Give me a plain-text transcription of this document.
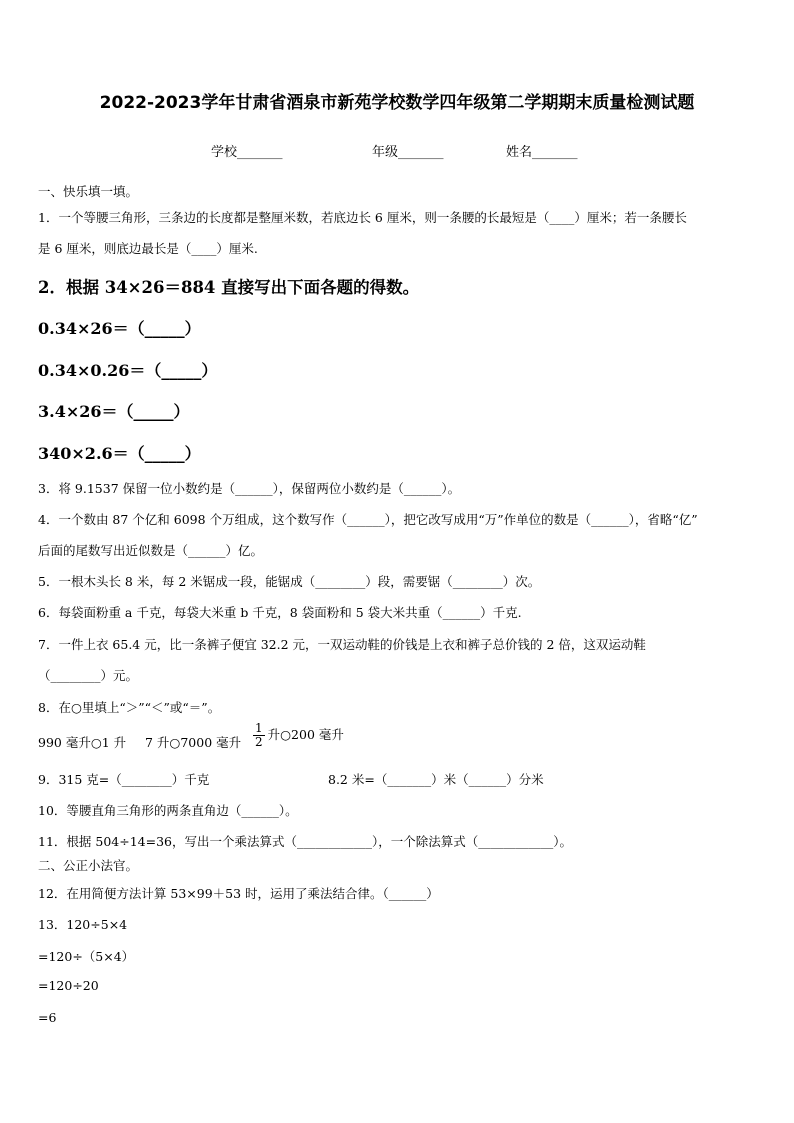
2022-2023学年甘肃省酒泉市新苑学校数学四年级第二学期期末质量检测试题
学校_______	年级_______	姓名_______
一、快乐填一填。
1．一个等腰三角形，三条边的长度都是整厘米数，若底边长 6 厘米，则一条腰的长最短是（____）厘米；若一条腰长
是 6 厘米，则底边最长是（____）厘米.
2．根据 34×26＝884 直接写出下面各题的得数。
0.34×26＝（_____）
0.34×0.26＝（_____）
3.4×26＝（_____）
340×2.6＝（_____）
3．将 9.1537 保留一位小数约是（______），保留两位小数约是（______）。
4．一个数由 87 个亿和 6098 个万组成，这个数写作（______），把它改写成用“万”作单位的数是（______），省略“亿”
后面的尾数写出近似数是（______）亿。
5．一根木头长 8 米，每 2 米锯成一段，能锯成（________）段，需要锯（________）次。
6．每袋面粉重 a 千克，每袋大米重 b 千克，8 袋面粉和 5 袋大米共重（______）千克.
7．一件上衣 65.4 元，比一条裤子便宜 32.2 元，一双运动鞋的价钱是上衣和裤子总价钱的 2 倍，这双运动鞋
（________）元。
8．在○里填上“＞”“＜”或“＝”。
990 毫升○1 升 7 升○7000 毫升 $\frac{1}{2}$ 升○200 毫升
9．315 克=（________）千克	8.2 米=（_______）米（______）分米
10．等腰直角三角形的两条直角边（______）。
11．根据 504÷14=36，写出一个乘法算式（____________），一个除法算式（____________）。
二、公正小法官。
12．在用简便方法计算 53×99＋53 时，运用了乘法结合律。（______）
13．120÷5×4
=120÷（5×4）
=120÷20
=6
